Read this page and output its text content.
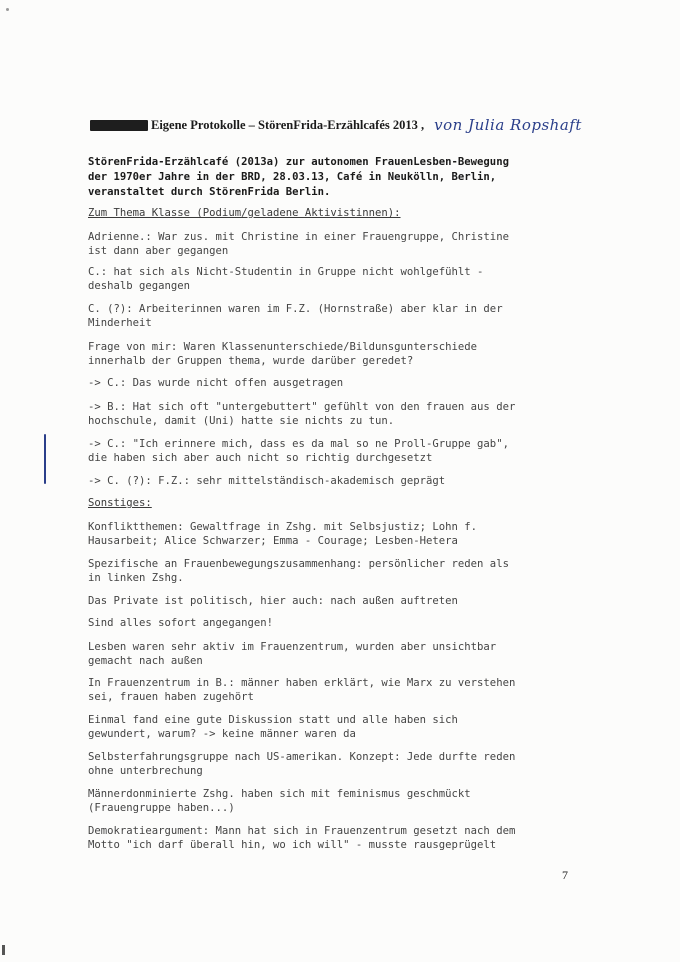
Eigene Protokolle – StörenFrida-Erzählcafés 2013 , von Julia Ropshaft
StörenFrida-Erzählcafé (2013a) zur autonomen FrauenLesben-Bewegung
der 1970er Jahre in der BRD, 28.03.13, Café in Neukölln, Berlin,
veranstaltet durch StörenFrida Berlin.
Zum Thema Klasse (Podium/geladene Aktivistinnen):
Adrienne.: War zus. mit Christine in einer Frauengruppe, Christine
ist dann aber gegangen
C.: hat sich als Nicht-Studentin in Gruppe nicht wohlgefühlt -
deshalb gegangen
C. (?): Arbeiterinnen waren im F.Z. (Hornstraße) aber klar in der
Minderheit
Frage von mir: Waren Klassenunterschiede/Bildunsgunterschiede
innerhalb der Gruppen thema, wurde darüber geredet?
-> C.: Das wurde nicht offen ausgetragen
-> B.: Hat sich oft "untergebuttert" gefühlt von den frauen aus der
hochschule, damit (Uni) hatte sie nichts zu tun.
-> C.: "Ich erinnere mich, dass es da mal so ne Proll-Gruppe gab",
die haben sich aber auch nicht so richtig durchgesetzt
-> C. (?): F.Z.: sehr mittelständisch-akademisch geprägt
Sonstiges:
Konfliktthemen: Gewaltfrage in Zshg. mit Selbsjustiz; Lohn f.
Hausarbeit; Alice Schwarzer; Emma - Courage; Lesben-Hetera
Spezifische an Frauenbewegungszusammenhang: persönlicher reden als
in linken Zshg.
Das Private ist politisch, hier auch: nach außen auftreten
Sind alles sofort angegangen!
Lesben waren sehr aktiv im Frauenzentrum, wurden aber unsichtbar
gemacht nach außen
In Frauenzentrum in B.: männer haben erklärt, wie Marx zu verstehen
sei, frauen haben zugehört
Einmal fand eine gute Diskussion statt und alle haben sich
gewundert, warum? -> keine männer waren da
Selbsterfahrungsgruppe nach US-amerikan. Konzept: Jede durfte reden
ohne unterbrechung
Männerdonminierte Zshg. haben sich mit feminismus geschmückt
(Frauengruppe haben...)
Demokratieargument: Mann hat sich in Frauenzentrum gesetzt nach dem
Motto "ich darf überall hin, wo ich will" - musste rausgeprügelt
7
